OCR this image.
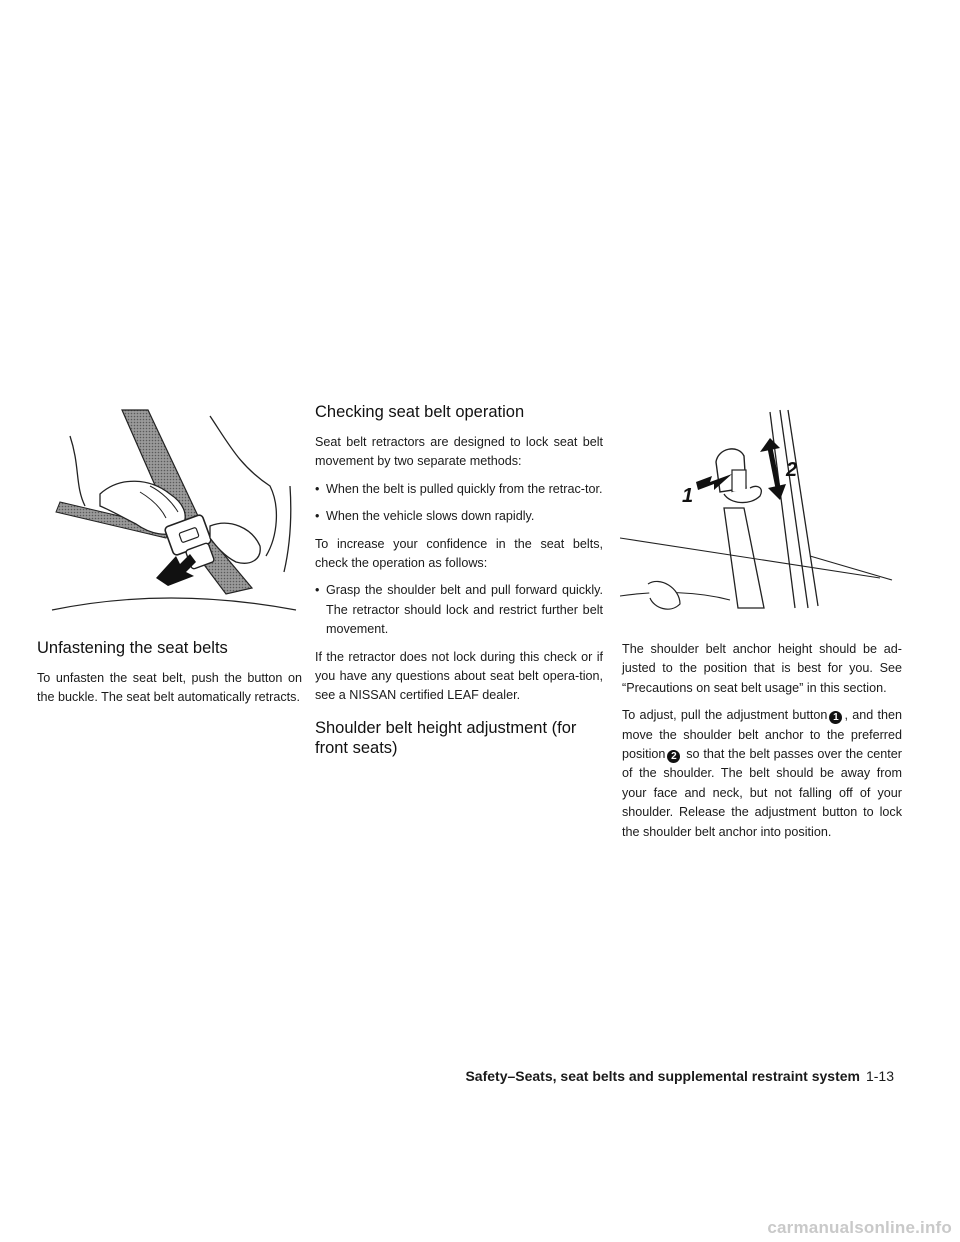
1
2
Unfastening the seat belts

To unfasten the seat belt, push the button on the buckle. The seat belt automatically retracts.

Checking seat belt operation

Seat belt retractors are designed to lock seat belt movement by two separate methods:

• When the belt is pulled quickly from the retrac-tor.
• When the vehicle slows down rapidly.

To increase your confidence in the seat belts, check the operation as follows:

• Grasp the shoulder belt and pull forward quickly. The retractor should lock and restrict further belt movement.

If the retractor does not lock during this check or if you have any questions about seat belt opera-tion, see a NISSAN certified LEAF dealer.

Shoulder belt height adjustment (for front seats)

The shoulder belt anchor height should be ad-justed to the position that is best for you. See “Precautions on seat belt usage” in this section.

To adjust, pull the adjustment button 1 , and then move the shoulder belt anchor to the preferred position 2 so that the belt passes over the center of the shoulder. The belt should be away from your face and neck, but not falling off of your shoulder. Release the adjustment button to lock the shoulder belt anchor into position.

Safety–Seats, seat belts and supplemental restraint system 1-13
carmanualsonline.info
